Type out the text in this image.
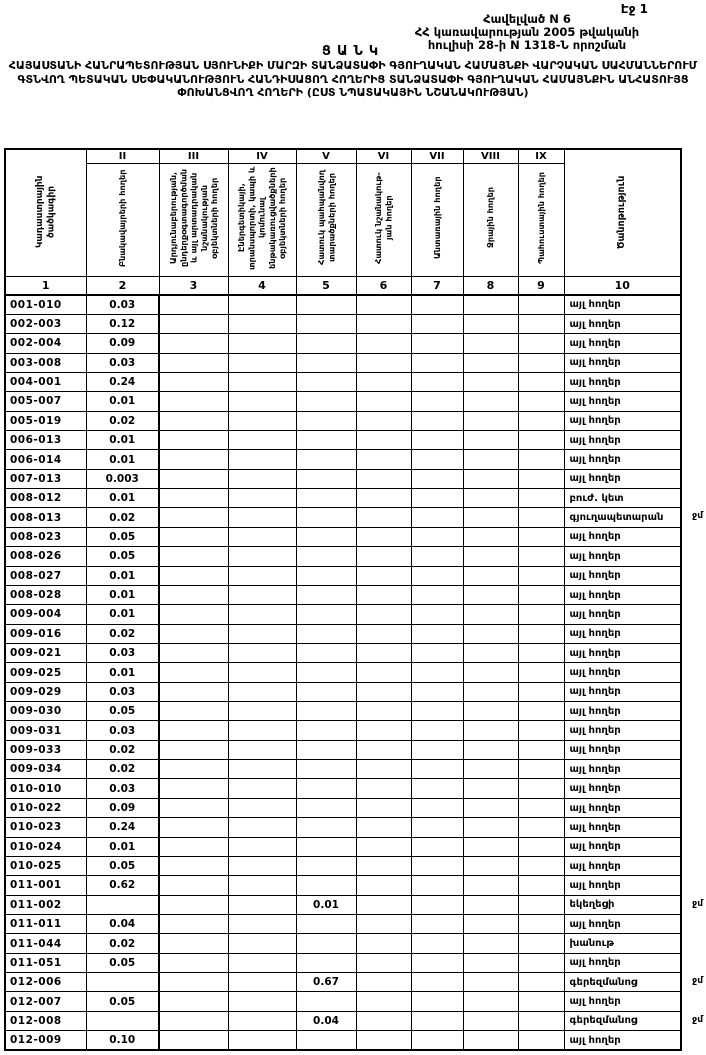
Էջ 1
Հավելված N 6
ՀՀ կառավարության 2005 թվականի
հուլիսի 28-ի N 1318-Ն որոշման
ՑԱՆԿ
ՀԱՅԱՍՏԱՆԻ ՀԱՆՐԱՊԵՏՈՒԹՅԱՆ ՍՅՈՒՆԻՔԻ ՄԱՐԶԻ ՏԱՆՁԱՏԱՓԻ ԳՅՈՒՂԱԿԱՆ ՀԱՄԱՅՆՔԻ ՎԱՐՉԱԿԱՆ ՍԱՀՄԱՆՆԵՐՈՒՄ ԳՏՆՎՈՂ ՊԵՏԱԿԱՆ ՍԵՓԱԿԱՆՈՒԹՅՈՒՆ ՀԱՆԴԻՍԱՑՈՂ ՀՈՂԵՐԻՑ ՏԱՆՁԱՏԱՓԻ ԳՅՈՒՂԱԿԱՆ ՀԱՄԱՅՆՔԻՆ ԱՆՀԱՏՈՒՅՑ ՓՈԽԱՆՑՎՈՂ ՀՈՂԵՐԻ (ԸՍՏ ՆՊԱՏԱԿԱՅԻՆ ՆՇԱՆԱԿՈՒԹՅԱՆ)
Կադաստրային ծածկագիր	II	III	IV	V	VI	VII	VIII	IX	Ծանոթություն
	Բնակավայրերի հողեր	Արդյունաբերության, ընդերքօգտագործման և այլ արտադրական նշանակության օբյեկտների հողեր	Էներգետիկայի, տրանսպորտի, կապի և կոմունալ ենթակառուցվածքների օբյեկտների հողեր	Հատուկ պահպանվող տարածքների հողեր	Հատուկ նշանակութ-յան հողեր	Անտառային հողեր	Ջրային հողեր	Պահուստային հողեր	
1	2	3	4	5	6	7	8	9	10
001-010	0.03								այլ հողեր
002-003	0.12								այլ հողեր
002-004	0.09								այլ հողեր
003-008	0.03								այլ հողեր
004-001	0.24								այլ հողեր
005-007	0.01								այլ հողեր
005-019	0.02								այլ հողեր
006-013	0.01								այլ հողեր
006-014	0.01								այլ հողեր
007-013	0.003								այլ հողեր
008-012	0.01								բուժ. կետ
008-013	0.02								գյուղապետարան ջմ

008-023	0.05								այլ հողեր
008-026	0.05								այլ հողեր
008-027	0.01								այլ հողեր
008-028	0.01								այլ հողեր
009-004	0.01								այլ հողեր
009-016	0.02								այլ հողեր
009-021	0.03								այլ հողեր
009-025	0.01								այլ հողեր
009-029	0.03								այլ հողեր
009-030	0.05								այլ հողեր
009-031	0.03								այլ հողեր
009-033	0.02								այլ հողեր
009-034	0.02								այլ հողեր
010-010	0.03								այլ հողեր
010-022	0.09								այլ հողեր
010-023	0.24								այլ հողեր
010-024	0.01								այլ հողեր
010-025	0.05								այլ հողեր
011-001	0.62								այլ հողեր
011-002				0.01					եկեղեցի ջմ

011-011	0.04								այլ հողեր
011-044	0.02								խանութ
011-051	0.05								այլ հողեր
012-006				0.67					գերեզմանոց ջմ

012-007	0.05								այլ հողեր
012-008				0.04					գերեզմանոց ջմ

012-009	0.10								այլ հողեր
